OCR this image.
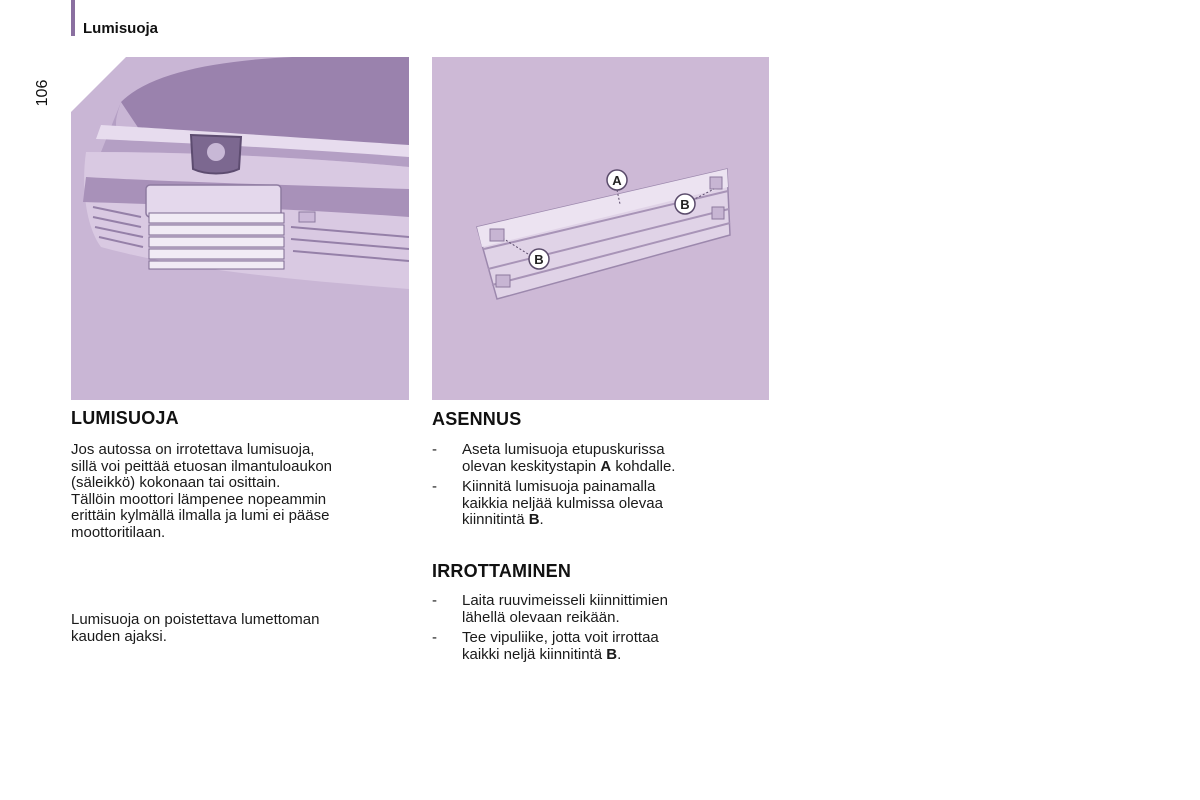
Lumisuoja
106
A
B
B
LUMISUOJA

Jos autossa on irrotettava lumisuoja,
sillä voi peittää etuosan ilmantuloaukon
(säleikkö) kokonaan tai osittain.
Tällöin moottori lämpenee nopeammin
erittäin kylmällä ilmalla ja lumi ei pääse
moottoritilaan.

Lumisuoja on poistettava lumettoman
kauden ajaksi.

ASENNUS
- Aseta lumisuoja etupuskurissa
olevan keskitystapin A kohdalle.
- Kiinnitä lumisuoja painamalla
kaikkia neljää kulmissa olevaa
kiinnitintä B.
IRROTTAMINEN
- Laita ruuvimeisseli kiinnittimien
lähellä olevaan reikään.
- Tee vipuliike, jotta voit irrottaa
kaikki neljä kiinnitintä B.
